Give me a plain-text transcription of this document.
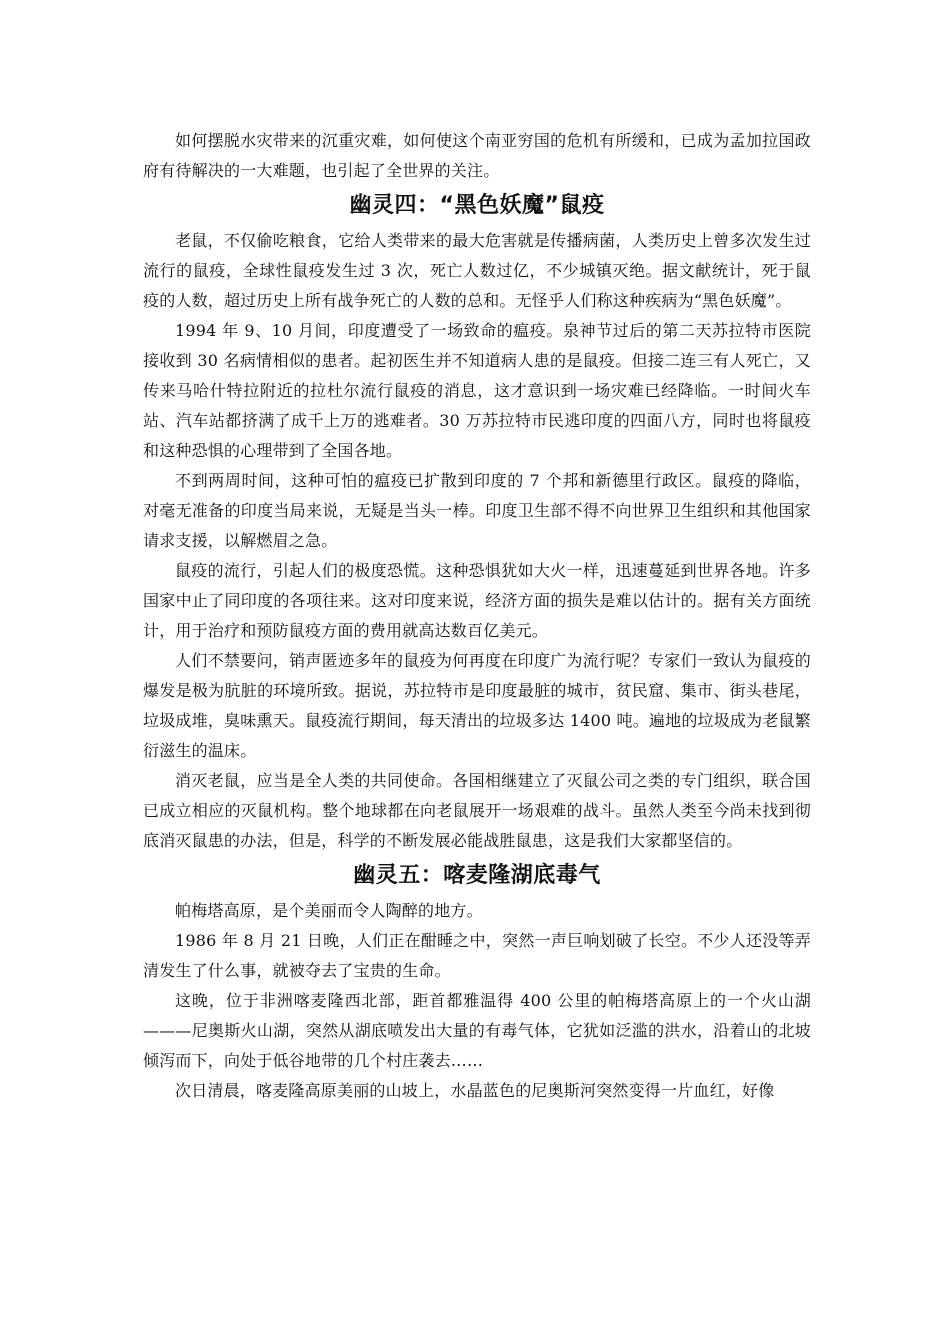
如何摆脱水灾带来的沉重灾难，如何使这个南亚穷国的危机有所缓和，已成为孟加拉国政府有待解决的一大难题，也引起了全世界的关注。

幽灵四：“黑色妖魔”鼠疫

老鼠，不仅偷吃粮食，它给人类带来的最大危害就是传播病菌，人类历史上曾多次发生过流行的鼠疫，全球性鼠疫发生过 3 次，死亡人数过亿，不少城镇灭绝。据文献统计，死于鼠疫的人数，超过历史上所有战争死亡的人数的总和。无怪乎人们称这种疾病为“黑色妖魔”。

1994 年 9、10 月间，印度遭受了一场致命的瘟疫。泉神节过后的第二天苏拉特市医院接收到 30 名病情相似的患者。起初医生并不知道病人患的是鼠疫。但接二连三有人死亡，又传来马哈什特拉附近的拉杜尔流行鼠疫的消息，这才意识到一场灾难已经降临。一时间火车站、汽车站都挤满了成千上万的逃难者。30 万苏拉特市民逃印度的四面八方，同时也将鼠疫和这种恐惧的心理带到了全国各地。

不到两周时间，这种可怕的瘟疫已扩散到印度的 7 个邦和新德里行政区。鼠疫的降临，对毫无准备的印度当局来说，无疑是当头一棒。印度卫生部不得不向世界卫生组织和其他国家请求支援，以解燃眉之急。

鼠疫的流行，引起人们的极度恐慌。这种恐惧犹如大火一样，迅速蔓延到世界各地。许多国家中止了同印度的各项往来。这对印度来说，经济方面的损失是难以估计的。据有关方面统计，用于治疗和预防鼠疫方面的费用就高达数百亿美元。

人们不禁要问，销声匿迹多年的鼠疫为何再度在印度广为流行呢？专家们一致认为鼠疫的爆发是极为肮脏的环境所致。据说，苏拉特市是印度最脏的城市，贫民窟、集市、街头巷尾，垃圾成堆，臭味熏天。鼠疫流行期间，每天清出的垃圾多达 1400 吨。遍地的垃圾成为老鼠繁衍滋生的温床。

消灭老鼠，应当是全人类的共同使命。各国相继建立了灭鼠公司之类的专门组织，联合国已成立相应的灭鼠机构。整个地球都在向老鼠展开一场艰难的战斗。虽然人类至今尚未找到彻底消灭鼠患的办法，但是，科学的不断发展必能战胜鼠患，这是我们大家都坚信的。

幽灵五：喀麦隆湖底毒气

帕梅塔高原，是个美丽而令人陶醉的地方。

1986 年 8 月 21 日晚，人们正在酣睡之中，突然一声巨响划破了长空。不少人还没等弄清发生了什么事，就被夺去了宝贵的生命。

这晚，位于非洲喀麦隆西北部，距首都雅温得 400 公里的帕梅塔高原上的一个火山湖———尼奥斯火山湖，突然从湖底喷发出大量的有毒气体，它犹如泛滥的洪水，沿着山的北坡倾泻而下，向处于低谷地带的几个村庄袭去……

次日清晨，喀麦隆高原美丽的山坡上，水晶蓝色的尼奥斯河突然变得一片血红，好像
